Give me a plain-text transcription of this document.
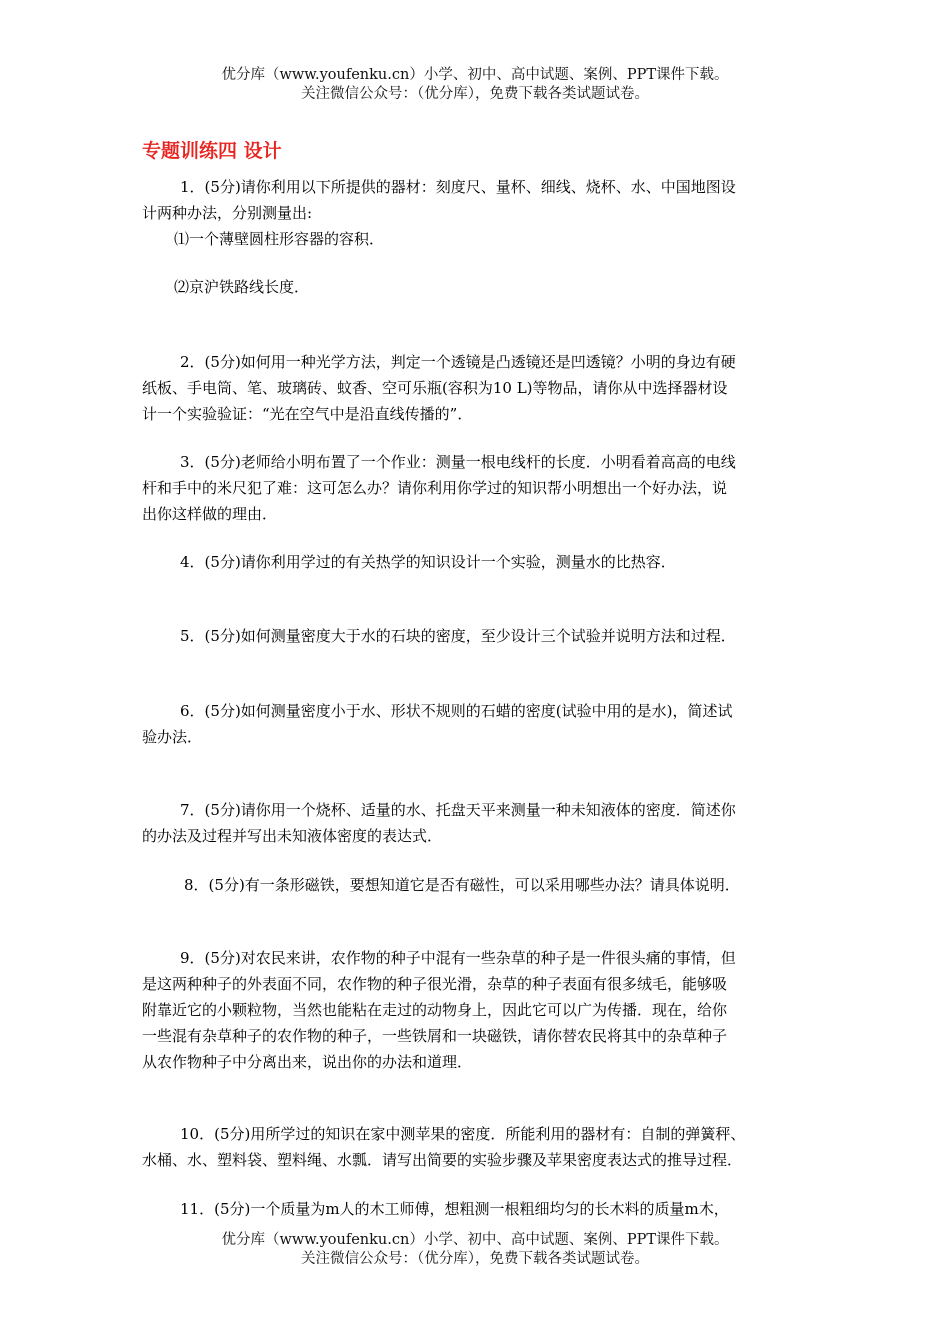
优分库（www.youfenku.cn）小学、初中、高中试题、案例、PPT课件下载。
关注微信公众号：（优分库），免费下载各类试题试卷。
专题训练四 设计
1．(5分)请你利用以下所提供的器材：刻度尺、量杯、细线、烧杯、水、中国地图设
计两种办法，分别测量出:
⑴一个薄壁圆柱形容器的容积．
⑵京沪铁路线长度．
2．(5分)如何用一种光学方法，判定一个透镜是凸透镜还是凹透镜？小明的身边有硬
纸板、手电筒、笔、玻璃砖、蚊香、空可乐瓶(容积为10 L)等物品，请你从中选择器材设
计一个实验验证：“光在空气中是沿直线传播的”．
3．(5分)老师给小明布置了一个作业：测量一根电线杆的长度．小明看着高高的电线
杆和手中的米尺犯了难：这可怎么办？请你利用你学过的知识帮小明想出一个好办法，说
出你这样做的理由．
4．(5分)请你利用学过的有关热学的知识设计一个实验，测量水的比热容．
5．(5分)如何测量密度大于水的石块的密度，至少设计三个试验并说明方法和过程．
6．(5分)如何测量密度小于水、形状不规则的石蜡的密度(试验中用的是水)，简述试
验办法．
7．(5分)请你用一个烧杯、适量的水、托盘天平来测量一种未知液体的密度．简述你
的办法及过程并写出未知液体密度的表达式．
8．(5分)有一条形磁铁，要想知道它是否有磁性，可以采用哪些办法？请具体说明．
9．(5分)对农民来讲，农作物的种子中混有一些杂草的种子是一件很头痛的事情，但
是这两种种子的外表面不同，农作物的种子很光滑，杂草的种子表面有很多绒毛，能够吸
附靠近它的小颗粒物，当然也能粘在走过的动物身上，因此它可以广为传播．现在，给你
一些混有杂草种子的农作物的种子，一些铁屑和一块磁铁，请你替农民将其中的杂草种子
从农作物种子中分离出来，说出你的办法和道理．
10．(5分)用所学过的知识在家中测苹果的密度．所能利用的器材有：自制的弹簧秤、
水桶、水、塑料袋、塑料绳、水瓢．请写出简要的实验步骤及苹果密度表达式的推导过程．
11．(5分)一个质量为m人的木工师傅，想粗测一根粗细均匀的长木料的质量m木，
优分库（www.youfenku.cn）小学、初中、高中试题、案例、PPT课件下载。
关注微信公众号：（优分库），免费下载各类试题试卷。
